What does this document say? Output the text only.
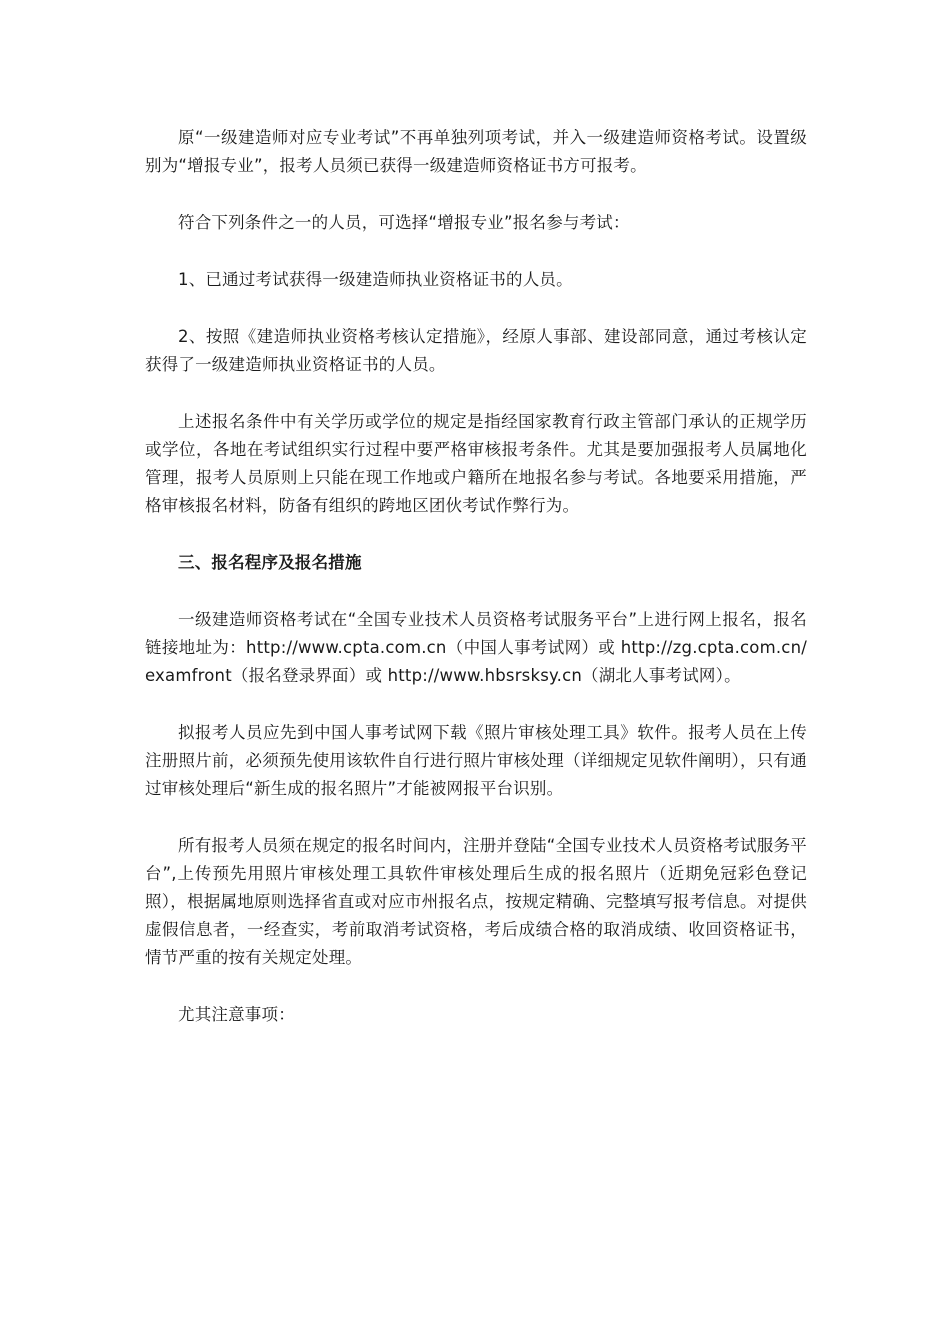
原“一级建造师对应专业考试”不再单独列项考试，并入一级建造师资格考试。设置级别为“增报专业”，报考人员须已获得一级建造师资格证书方可报考。

符合下列条件之一的人员，可选择“增报专业”报名参与考试：

1、已通过考试获得一级建造师执业资格证书的人员。

2、按照《建造师执业资格考核认定措施》，经原人事部、建设部同意，通过考核认定获得了一级建造师执业资格证书的人员。

上述报名条件中有关学历或学位的规定是指经国家教育行政主管部门承认的正规学历或学位，各地在考试组织实行过程中要严格审核报考条件。尤其是要加强报考人员属地化管理，报考人员原则上只能在现工作地或户籍所在地报名参与考试。各地要采用措施，严格审核报名材料，防备有组织的跨地区团伙考试作弊行为。

三、报名程序及报名措施

一级建造师资格考试在“全国专业技术人员资格考试服务平台”上进行网上报名，报名链接地址为：http://www.cpta.com.cn（中国人事考试网）或 http://zg.cpta.com.cn/examfront（报名登录界面）或 http://www.hbsrsksy.cn（湖北人事考试网）。

拟报考人员应先到中国人事考试网下载《照片审核处理工具》软件。报考人员在上传注册照片前，必须预先使用该软件自行进行照片审核处理（详细规定见软件阐明），只有通过审核处理后“新生成的报名照片”才能被网报平台识别。

所有报考人员须在规定的报名时间内，注册并登陆“全国专业技术人员资格考试服务平台”,上传预先用照片审核处理工具软件审核处理后生成的报名照片（近期免冠彩色登记照），根据属地原则选择省直或对应市州报名点，按规定精确、完整填写报考信息。对提供虚假信息者，一经查实，考前取消考试资格，考后成绩合格的取消成绩、收回资格证书，情节严重的按有关规定处理。

尤其注意事项：
